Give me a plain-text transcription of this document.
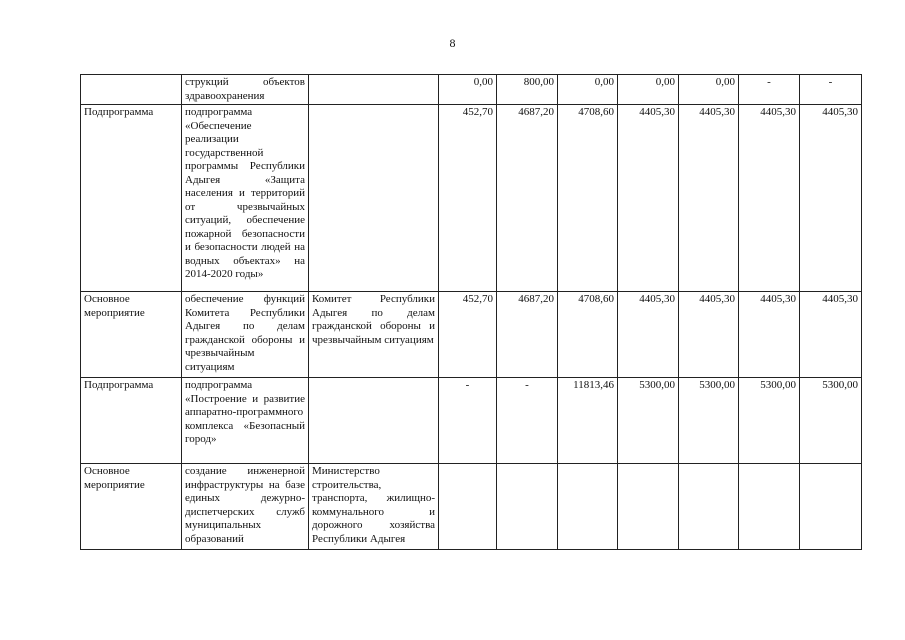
8
	струкций объектов здравоохранения		0,00	800,00	0,00	0,00	0,00	-	-
Подпрограмма	подпрограмма «Обеспечение реализации государственной программы Республики Адыгея «Защита населения и территорий от чрезвычайных ситуаций, обеспечение пожарной безопасности и безопасности людей на водных объектах» на 2014-2020 годы»		452,70	4687,20	4708,60	4405,30	4405,30	4405,30	4405,30
Основное мероприятие	обеспечение функций Комитета Республики Адыгея по делам гражданской обороны и чрезвычайным ситуациям	Комитет Республики Адыгея по делам гражданской обороны и чрезвычайным ситуациям	452,70	4687,20	4708,60	4405,30	4405,30	4405,30	4405,30
Подпрограмма	подпрограмма «Построение и развитие аппаратно-программного комплекса «Безопасный город»		-	-	11813,46	5300,00	5300,00	5300,00	5300,00
Основное мероприятие	создание инженерной инфраструктуры на базе единых дежурно-диспетчерских служб муниципальных образований	Министерство строительства, транспорта, жилищно-коммунального и дорожного хозяйства Республики Адыгея							
